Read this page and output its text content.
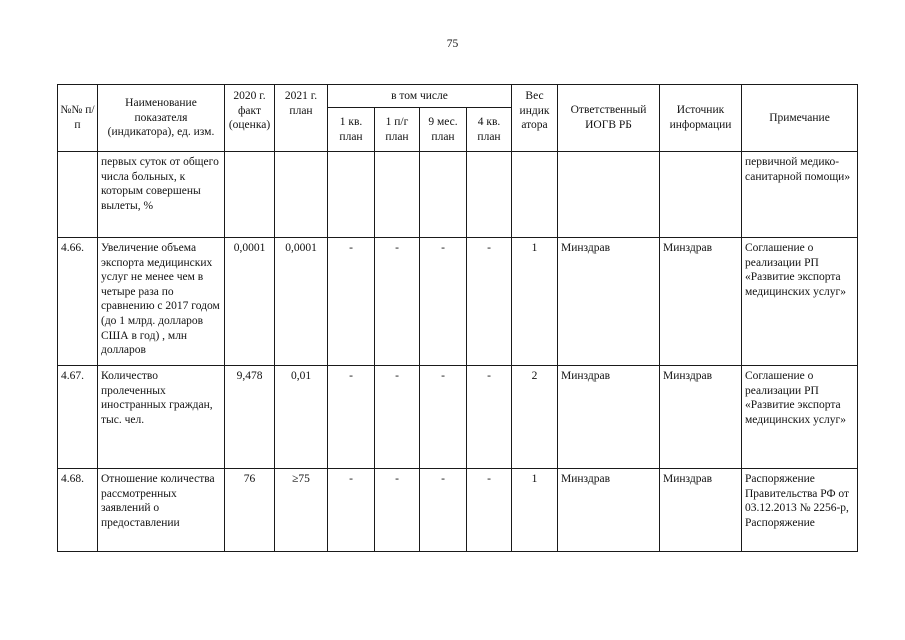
75
№№ п/п	Наименование показателя (индикатора), ед. изм.	2020 г. факт (оценка)	2021 г. план	в том числе				Вес индик атора	Ответственный ИОГВ РБ	Источник информации	Примечание
				1 кв. план	1 п/г план	9 мес. план	4 кв. план				
	первых суток от общего числа больных, к которым совершены вылеты, %										первичной медико-санитарной помощи»
4.66.	Увеличение объема экспорта медицинских услуг не менее чем в четыре раза по сравнению с 2017 годом (до 1 млрд. долларов США в год) , млн долларов	0,0001	0,0001	-	-	-	-	1	Минздрав	Минздрав	Соглашение о реализации РП «Развитие экспорта медицинских услуг»
4.67.	Количество пролеченных иностранных граждан, тыс. чел.	9,478	0,01	-	-	-	-	2	Минздрав	Минздрав	Соглашение о реализации РП «Развитие экспорта медицинских услуг»
4.68.	Отношение количества рассмотренных заявлений о предоставлении	76	≥75	-	-	-	-	1	Минздрав	Минздрав	Распоряжение Правительства РФ от 03.12.2013 № 2256-р, Распоряжение
